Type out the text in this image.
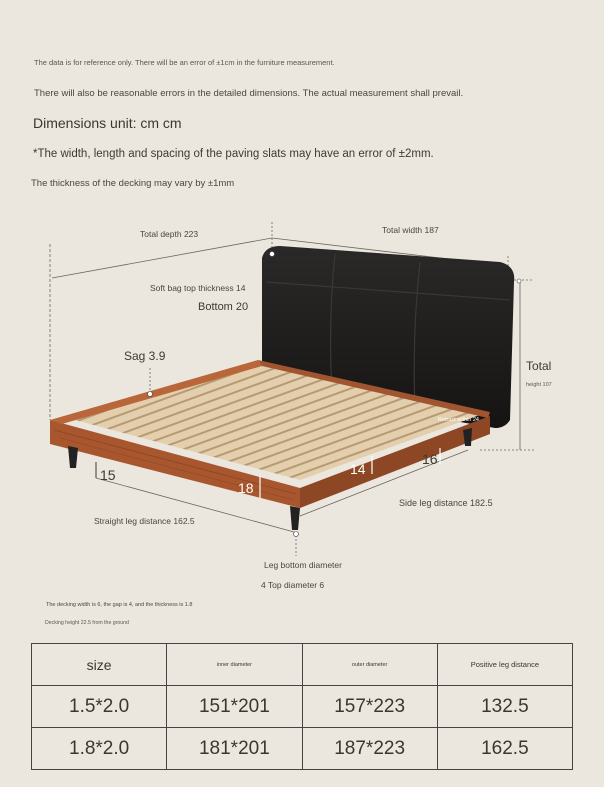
The data is for reference only. There will be an error of ±1cm in the furniture measurement.
There will also be reasonable errors in the detailed dimensions. The actual measurement shall prevail.
Dimensions unit: cm cm
*The width, length and spacing of the paving slats may have an error of ±2mm.
The thickness of the decking may vary by ±1mm
Total depth 223	Total width 187
Soft bag top thickness 14
Bottom 20
Sag 3.9
Total
height 107
Retract within 24
15
18
14
16
Side leg distance 182.5
Straight leg distance 162.5
Leg bottom diameter
4 Top diameter 6
The decking width is 6, the gap is 4, and the thickness is 1.8
Decking height 22.5 from the ground
size	inner diameter	outer diameter	Positive leg distance
1.5*2.0	151*201	157*223	132.5
1.8*2.0	181*201	187*223	162.5
